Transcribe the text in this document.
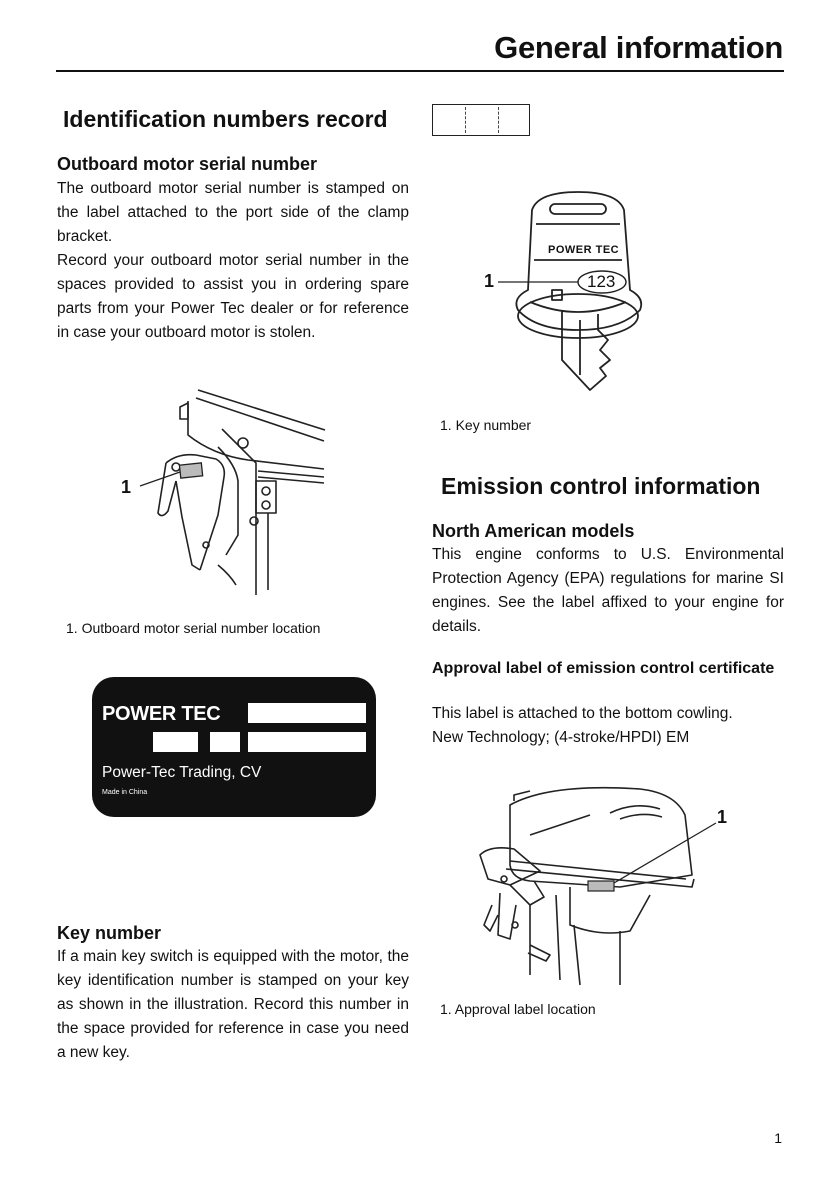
General information
Identification numbers record
Outboard motor serial number

The outboard motor serial number is stamped on the label attached to the port side of the clamp bracket.

Record your outboard motor serial number in the spaces provided to assist you in ordering spare parts from your Power Tec dealer or for reference in case your outboard motor is stolen.

1
1. Outboard motor serial number location
POWER TEC
Power-Tec Trading, CV
Made in China
Key number

If a main key switch is equipped with the motor, the key identification number is stamped on your key as shown in the illustration. Record this number in the space provided for reference in case you need a new key.

POWER TEC
123
1
1. Key number
Emission control information
North American models

This engine conforms to U.S. Environmental Protection Agency (EPA) regulations for marine SI engines. See the label affixed to your engine for details.

Approval label of emission control certificate

This label is attached to the bottom cowling.

New Technology; (4-stroke/HPDI) EM

1
1. Approval label location
1
